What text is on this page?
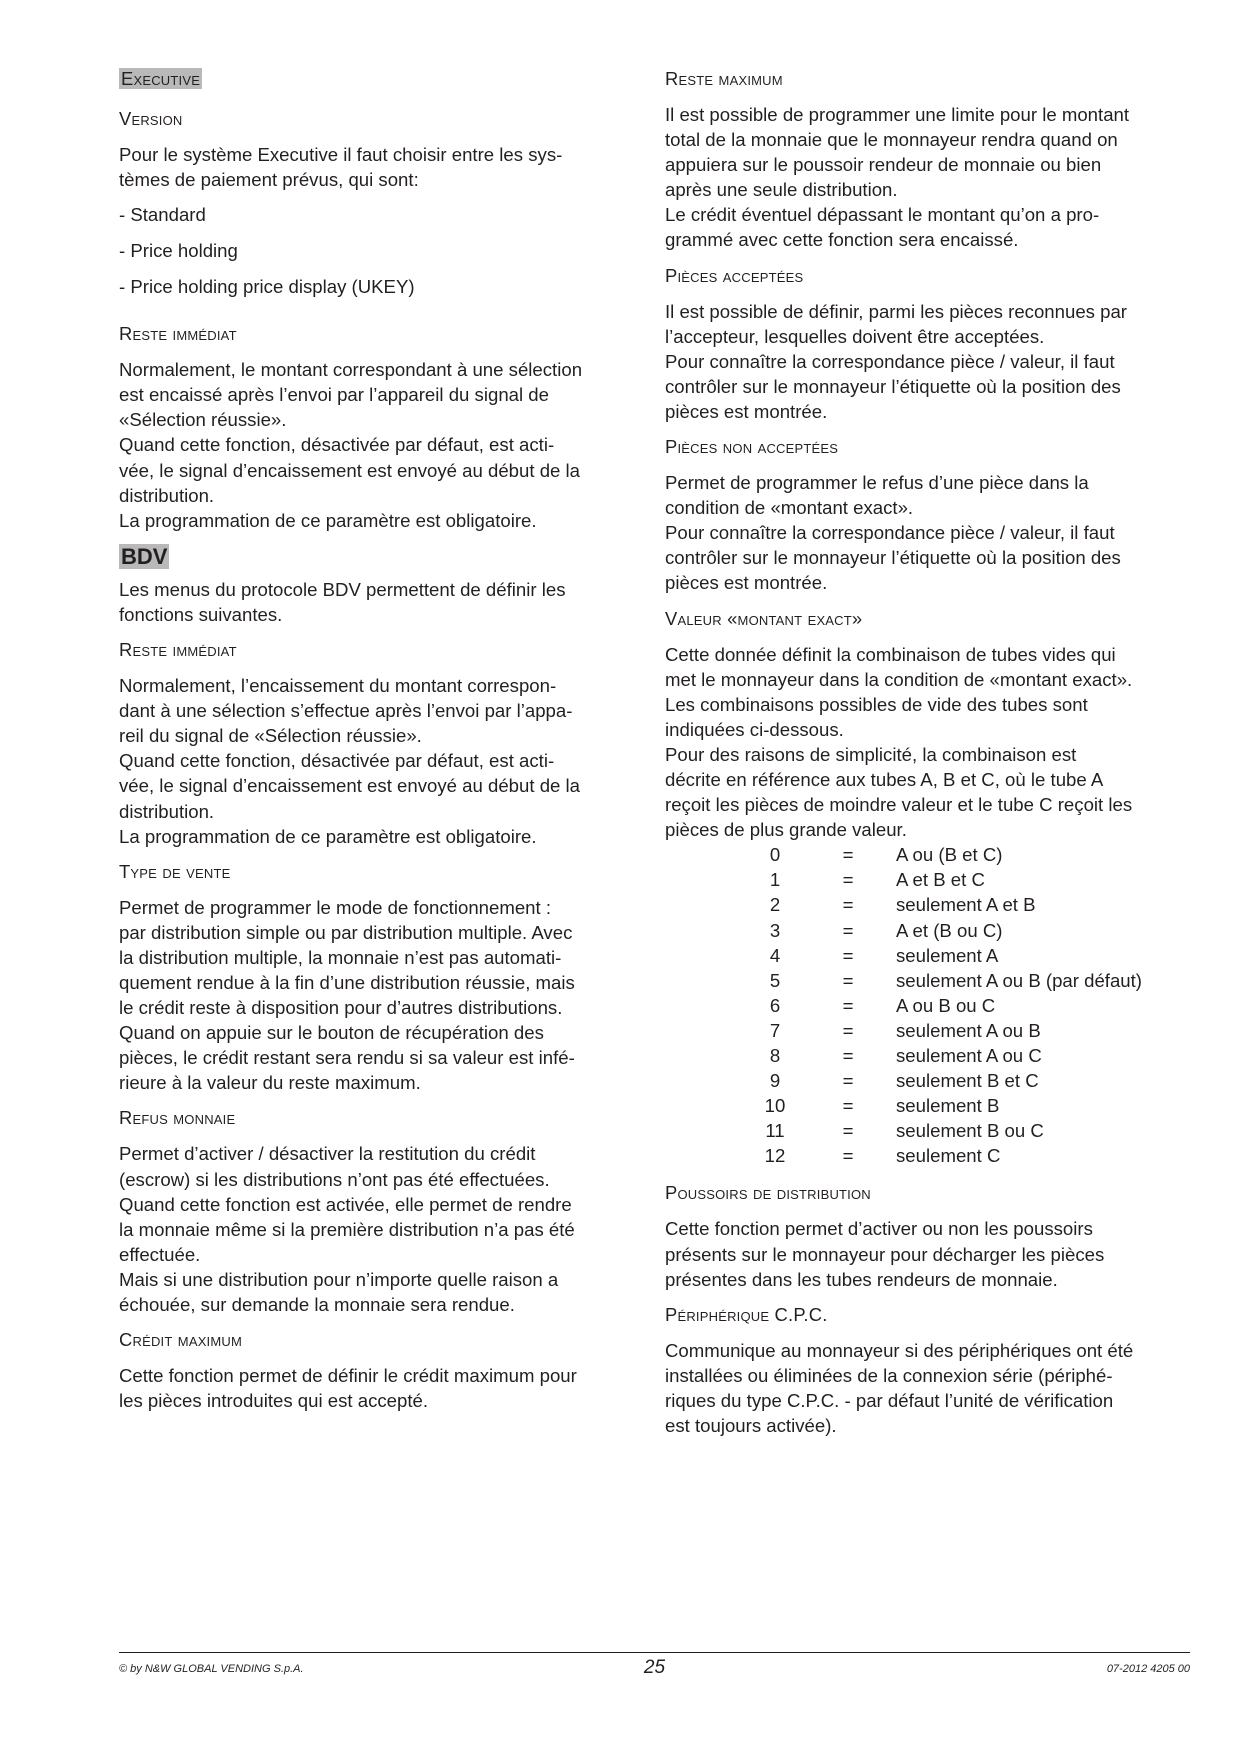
Executive
Version
Pour le système Executive il faut choisir entre les sys-
tèmes de paiement prévus, qui sont:
- Standard
- Price holding
- Price holding price display (UKEY)
Reste immédiat
Normalement, le montant correspondant à une sélection
est encaissé après l’envoi par l’appareil du signal de
«Sélection réussie».
Quand cette fonction, désactivée par défaut, est acti-
vée, le signal d’encaissement est envoyé au début de la
distribution.
La programmation de ce paramètre est obligatoire.
BDV
Les menus du protocole BDV permettent de définir les
fonctions suivantes.
Reste immédiat
Normalement, l’encaissement du montant correspon-
dant à une sélection s’effectue après l’envoi par l’appa-
reil du signal de «Sélection réussie».
Quand cette fonction, désactivée par défaut, est acti-
vée, le signal d’encaissement est envoyé au début de la
distribution.
La programmation de ce paramètre est obligatoire.
Type de vente
Permet de programmer le mode de fonctionnement :
par distribution simple ou par distribution multiple. Avec
la distribution multiple, la monnaie n’est pas automati-
quement rendue à la fin d’une distribution réussie, mais
le crédit reste à disposition pour d’autres distributions.
Quand on appuie sur le bouton de récupération des
pièces, le crédit restant sera rendu si sa valeur est infé-
rieure à la valeur du reste maximum.
Refus monnaie
Permet d’activer / désactiver la restitution du crédit
(escrow) si les distributions n’ont pas été effectuées.
Quand cette fonction est activée, elle permet de rendre
la monnaie même si la première distribution n’a pas été
effectuée.
Mais si une distribution pour n’importe quelle raison a
échouée, sur demande la monnaie sera rendue.
Crédit maximum
Cette fonction permet de définir le crédit maximum pour
les pièces introduites qui est accepté.
Reste maximum
Il est possible de programmer une limite pour le montant
total de la monnaie que le monnayeur rendra quand on
appuiera sur le poussoir rendeur de monnaie ou bien
après une seule distribution.
Le crédit éventuel dépassant le montant qu’on a pro-
grammé avec cette fonction sera encaissé.
Pièces acceptées
Il est possible de définir, parmi les pièces reconnues par
l’accepteur, lesquelles doivent être acceptées.
Pour connaître la correspondance pièce / valeur, il faut
contrôler sur le monnayeur l’étiquette où la position des
pièces est montrée.
Pièces non acceptées
Permet de programmer le refus d’une pièce dans la
condition de «montant exact».
Pour connaître la correspondance pièce / valeur, il faut
contrôler sur le monnayeur l’étiquette où la position des
pièces est montrée.
Valeur «montant exact»
Cette donnée définit la combinaison de tubes vides qui
met le monnayeur dans la condition de «montant exact».
Les combinaisons possibles de vide des tubes sont
indiquées ci-dessous.
Pour des raisons de simplicité, la combinaison est
décrite en référence aux tubes A, B et C, où le tube A
reçoit les pièces de moindre valeur et le tube C reçoit les
pièces de plus grande valeur.
0	=	A ou (B et C)
1	=	A et B et C
2	=	seulement A et B
3	=	A et (B ou C)
4	=	seulement A
5	=	seulement A ou B (par défaut)
6	=	A ou B ou C
7	=	seulement A ou B
8	=	seulement A ou C
9	=	seulement B et C
10	=	seulement B
11	=	seulement B ou C
12	=	seulement C
Poussoirs de distribution
Cette fonction permet d’activer ou non les poussoirs
présents sur le monnayeur pour décharger les pièces
présentes dans les tubes rendeurs de monnaie.
Périphérique C.P.C.
Communique au monnayeur si des périphériques ont été
installées ou éliminées de la connexion série (périphé-
riques du type C.P.C. - par défaut l’unité de vérification
est toujours activée).
© by N&W GLOBAL VENDING S.p.A.	25	07-2012 4205 00
